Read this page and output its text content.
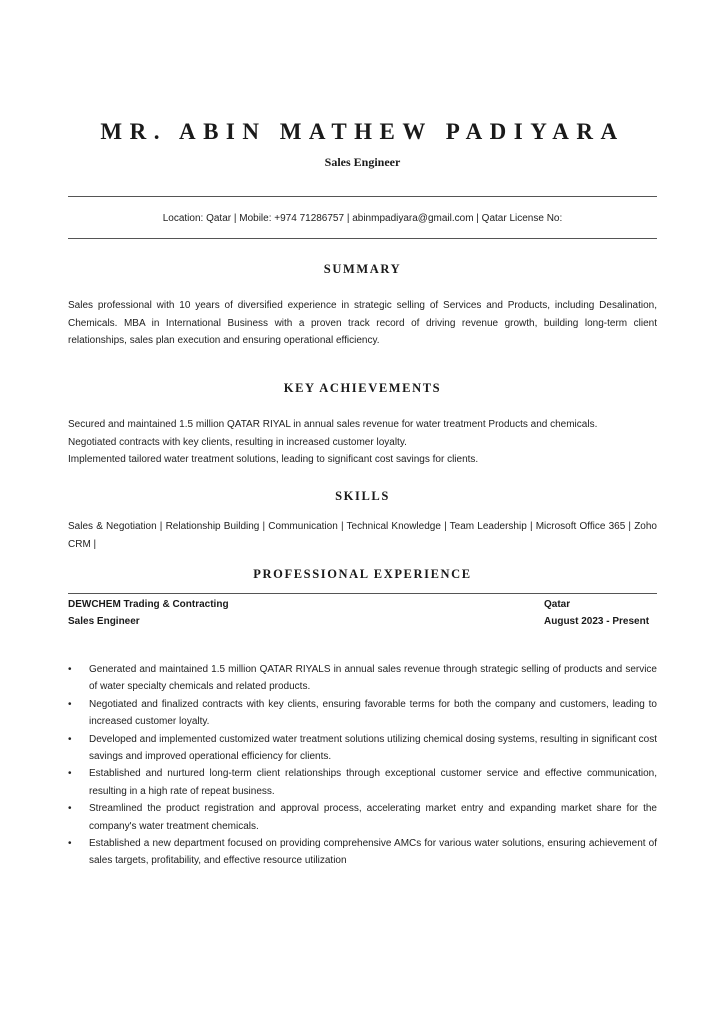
MR. ABIN MATHEW PADIYARA
Sales Engineer
Location: Qatar | Mobile: +974 71286757 | abinmpadiyara@gmail.com | Qatar License No:
SUMMARY
Sales professional with 10 years of diversified experience in strategic selling of Services and Products, including Desalination, Chemicals. MBA in International Business with a proven track record of driving revenue growth, building long-term client relationships, sales plan execution and ensuring operational efficiency.
KEY ACHIEVEMENTS
Secured and maintained 1.5 million QATAR RIYAL in annual sales revenue for water treatment Products and chemicals.
Negotiated contracts with key clients, resulting in increased customer loyalty.
Implemented tailored water treatment solutions, leading to significant cost savings for clients.
SKILLS
Sales & Negotiation | Relationship Building | Communication | Technical Knowledge | Team Leadership | Microsoft Office 365 | Zoho CRM |
PROFESSIONAL EXPERIENCE
DEWCHEM Trading & Contracting	Qatar
Sales Engineer	August 2023 - Present
• Generated and maintained 1.5 million QATAR RIYALS in annual sales revenue through strategic selling of products and service of water specialty chemicals and related products.
• Negotiated and finalized contracts with key clients, ensuring favorable terms for both the company and customers, leading to increased customer loyalty.
• Developed and implemented customized water treatment solutions utilizing chemical dosing systems, resulting in significant cost savings and improved operational efficiency for clients.
• Established and nurtured long-term client relationships through exceptional customer service and effective communication, resulting in a high rate of repeat business.
• Streamlined the product registration and approval process, accelerating market entry and expanding market share for the company's water treatment chemicals.
• Established a new department focused on providing comprehensive AMCs for various water solutions, ensuring achievement of sales targets, profitability, and effective resource utilization
